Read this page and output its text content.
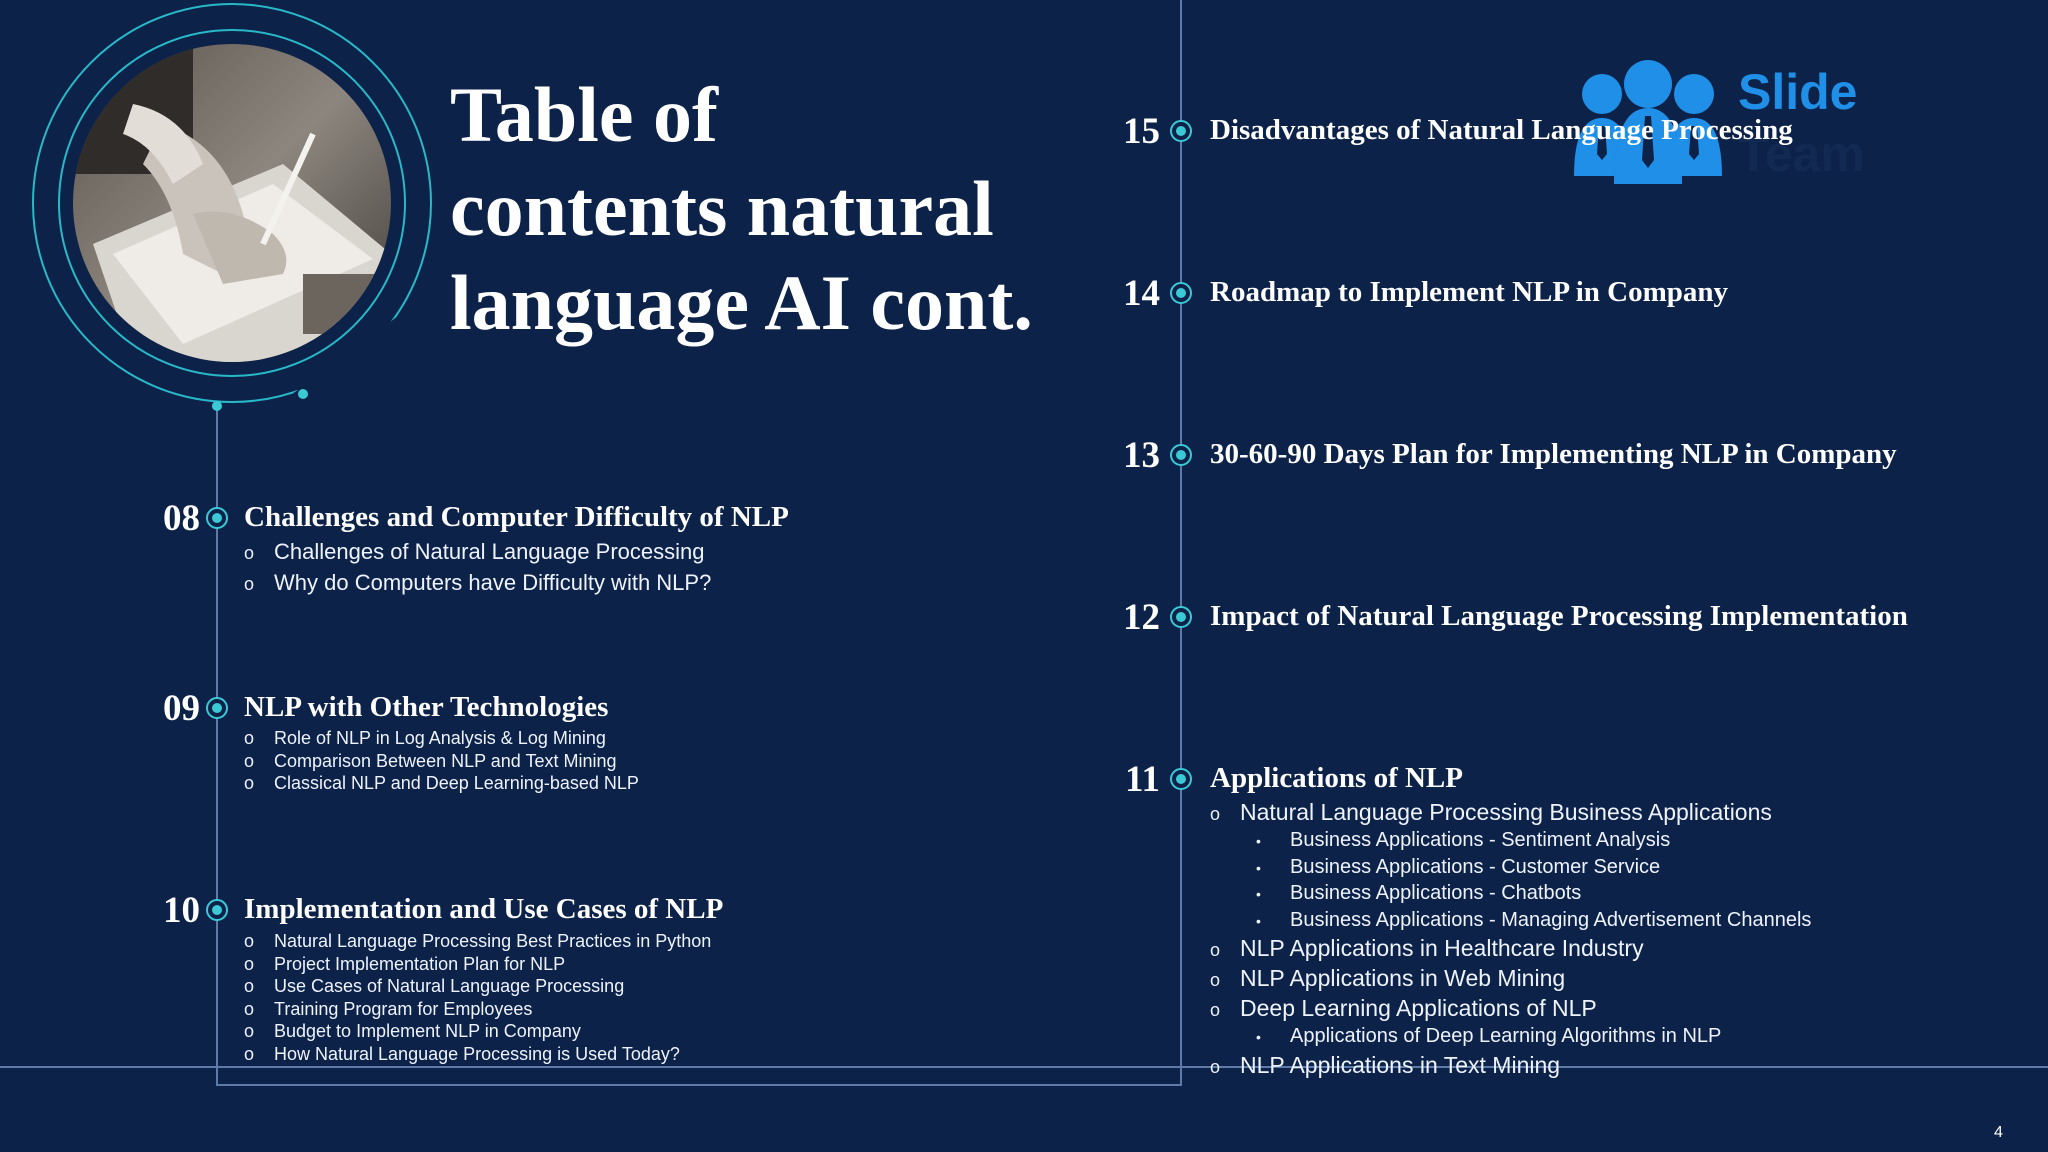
Table of
contents natural
language AI cont.
Slide
Team
08 Challenges and Computer Difficulty of NLP
o Challenges of Natural Language Processing
o Why do Computers have Difficulty with NLP?
09 NLP with Other Technologies
o Role of NLP in Log Analysis & Log Mining
o Comparison Between NLP and Text Mining
o Classical NLP and Deep Learning-based NLP
10 Implementation and Use Cases of NLP
o Natural Language Processing Best Practices in Python
o Project Implementation Plan for NLP
o Use Cases of Natural Language Processing
o Training Program for Employees
o Budget to Implement NLP in Company
o How Natural Language Processing is Used Today?
15 Disadvantages of Natural Language Processing
14 Roadmap to Implement NLP in Company
13 30-60-90 Days Plan for Implementing NLP in Company
12 Impact of Natural Language Processing Implementation
11 Applications of NLP
o Natural Language Processing Business Applications
• Business Applications - Sentiment Analysis
• Business Applications - Customer Service
• Business Applications - Chatbots
• Business Applications - Managing Advertisement Channels
o NLP Applications in Healthcare Industry
o NLP Applications in Web Mining
o Deep Learning Applications of NLP
• Applications of Deep Learning Algorithms in NLP
o NLP Applications in Text Mining
4
